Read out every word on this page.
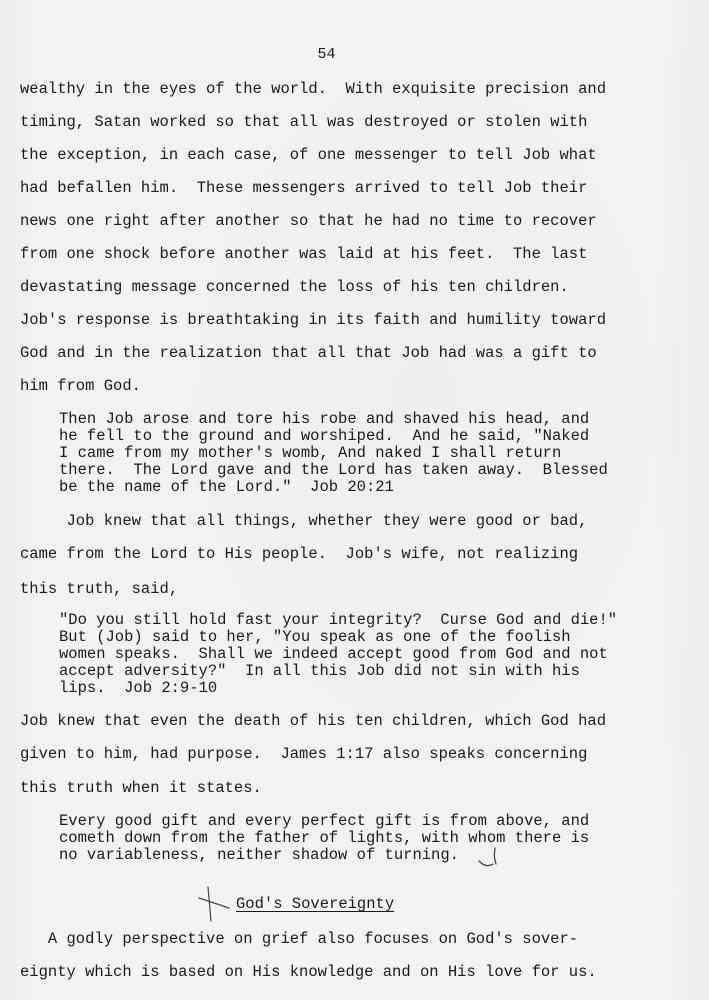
54
wealthy in the eyes of the world.  With exquisite precision and
timing, Satan worked so that all was destroyed or stolen with
the exception, in each case, of one messenger to tell Job what
had befallen him.  These messengers arrived to tell Job their
news one right after another so that he had no time to recover
from one shock before another was laid at his feet.  The last
devastating message concerned the loss of his ten children.
Job's response is breathtaking in its faith and humility toward
God and in the realization that all that Job had was a gift to
him from God.
Then Job arose and tore his robe and shaved his head, and
he fell to the ground and worshiped.  And he said, "Naked
I came from my mother's womb, And naked I shall return
there.  The Lord gave and the Lord has taken away.  Blessed
be the name of the Lord."  Job 20:21
Job knew that all things, whether they were good or bad,
came from the Lord to His people.  Job's wife, not realizing
this truth, said,
"Do you still hold fast your integrity?  Curse God and die!"
But (Job) said to her, "You speak as one of the foolish
women speaks.  Shall we indeed accept good from God and not
accept adversity?"  In all this Job did not sin with his
lips.  Job 2:9-10
Job knew that even the death of his ten children, which God had
given to him, had purpose.  James 1:17 also speaks concerning
this truth when it states.
Every good gift and every perfect gift is from above, and
cometh down from the father of lights, with whom there is
no variableness, neither shadow of turning.
God's Sovereignty
A godly perspective on grief also focuses on God's sover-
eignty which is based on His knowledge and on His love for us.
